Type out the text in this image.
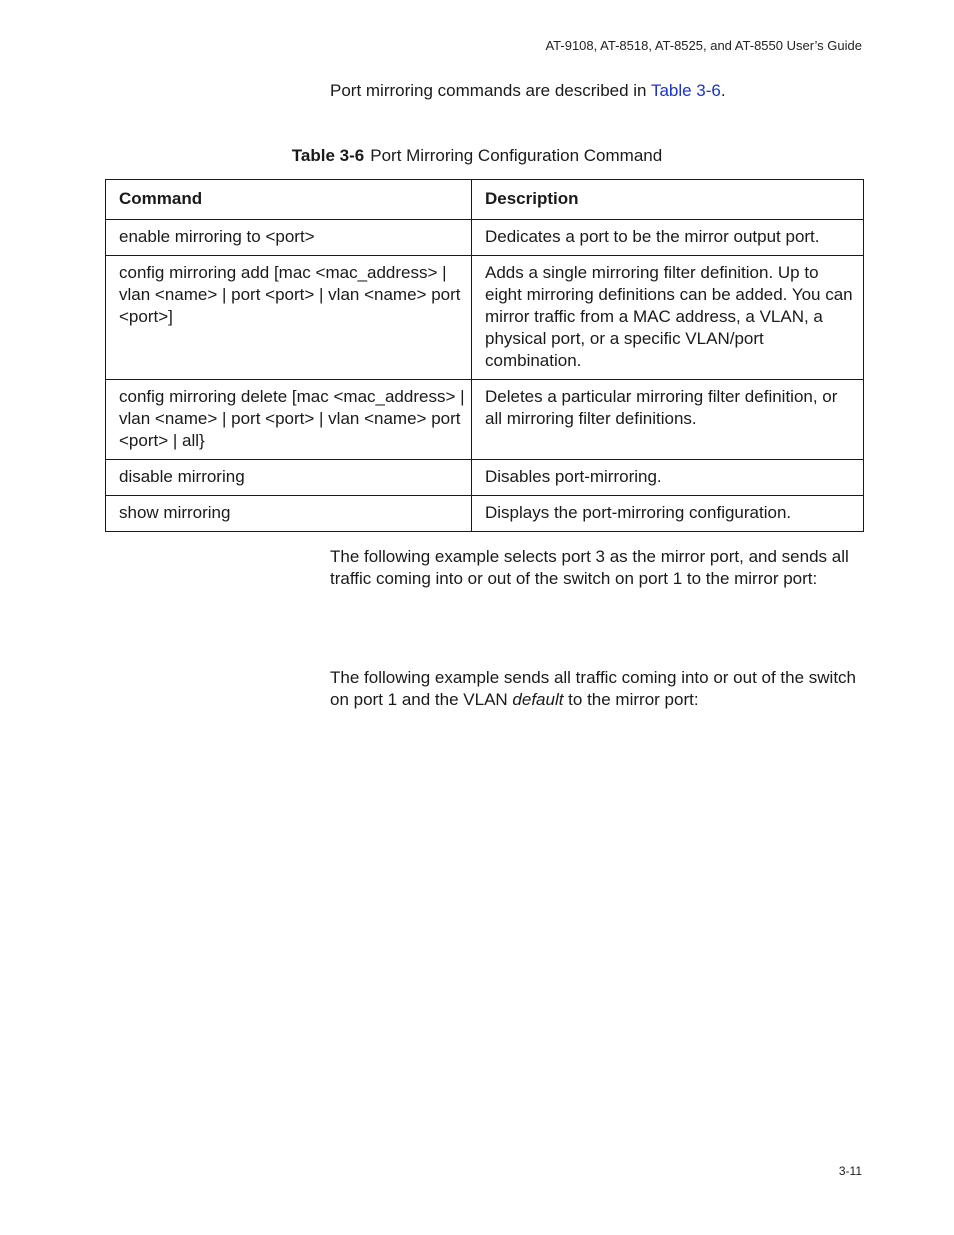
AT-9108, AT-8518, AT-8525, and AT-8550 User’s Guide
Port mirroring commands are described in Table 3-6.
Table 3-6 Port Mirroring Configuration Command
Command	Description
enable mirroring to <port>	Dedicates a port to be the mirror output port.
config mirroring add [mac <mac_address> | vlan <name> | port <port> | vlan <name> port <port>]	Adds a single mirroring filter definition. Up to eight mirroring definitions can be added. You can mirror traffic from a MAC address, a VLAN, a physical port, or a specific VLAN/port combination.
config mirroring delete [mac <mac_address> | vlan <name> | port <port> | vlan <name> port <port> | all}	Deletes a particular mirroring filter definition, or all mirroring filter definitions.
disable mirroring	Disables port-mirroring.
show mirroring	Displays the port-mirroring configuration.
The following example selects port 3 as the mirror port, and sends all traffic coming into or out of the switch on port 1 to the mirror port:
The following example sends all traffic coming into or out of the switch on port 1 and the VLAN default to the mirror port:
3-11
